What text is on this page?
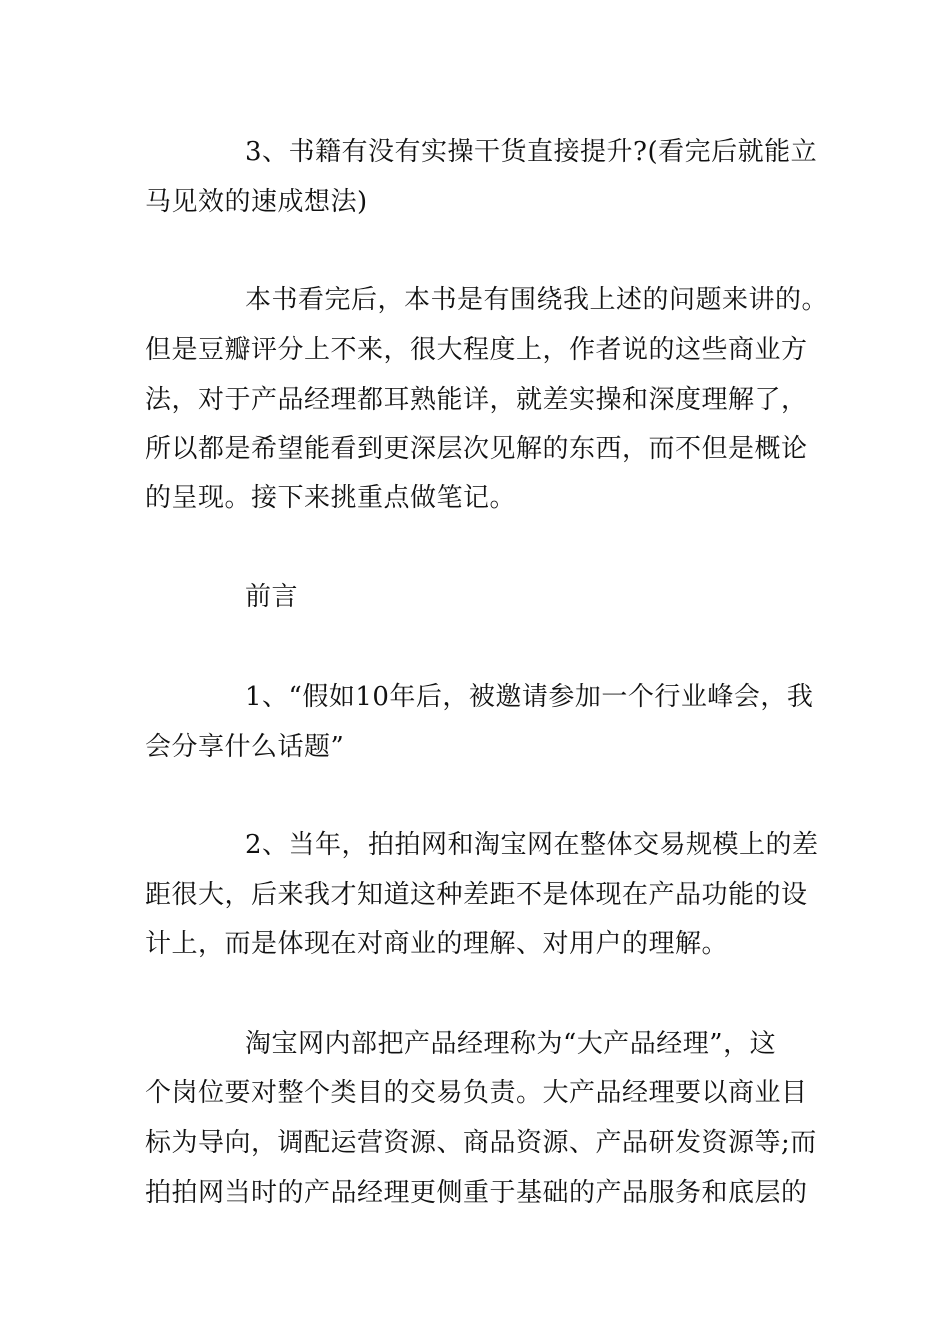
3、书籍有没有实操干货直接提升?(看完后就能立
马见效的速成想法)
本书看完后，本书是有围绕我上述的问题来讲的。
但是豆瓣评分上不来，很大程度上，作者说的这些商业方
法，对于产品经理都耳熟能详，就差实操和深度理解了，
所以都是希望能看到更深层次见解的东西，而不但是概论
的呈现。接下来挑重点做笔记。
前言
1、“假如10年后，被邀请参加一个行业峰会，我
会分享什么话题”
2、当年，拍拍网和淘宝网在整体交易规模上的差
距很大，后来我才知道这种差距不是体现在产品功能的设
计上，而是体现在对商业的理解、对用户的理解。
淘宝网内部把产品经理称为“大产品经理”，这
个岗位要对整个类目的交易负责。大产品经理要以商业目
标为导向，调配运营资源、商品资源、产品研发资源等;而
拍拍网当时的产品经理更侧重于基础的产品服务和底层的
